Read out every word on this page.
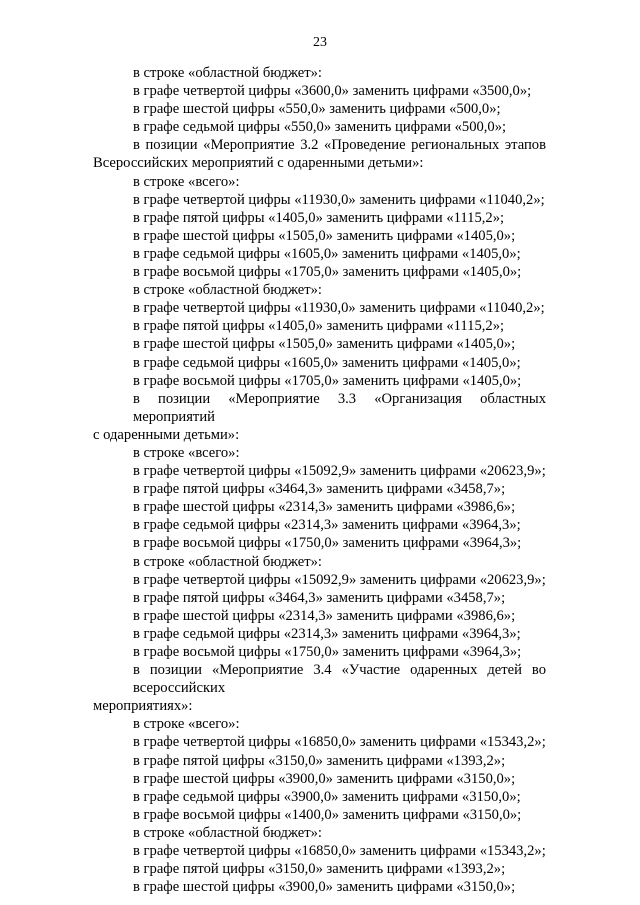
23
в строке «областной бюджет»:
в графе четвертой цифры «3600,0» заменить цифрами «3500,0»;
в графе шестой цифры «550,0» заменить цифрами «500,0»;
в графе седьмой цифры «550,0» заменить цифрами «500,0»;
в позиции «Мероприятие 3.2 «Проведение региональных этапов
Всероссийских мероприятий с одаренными детьми»:
в строке «всего»:
в графе четвертой цифры «11930,0» заменить цифрами «11040,2»;
в графе пятой цифры «1405,0» заменить цифрами «1115,2»;
в графе шестой цифры «1505,0» заменить цифрами «1405,0»;
в графе седьмой цифры «1605,0» заменить цифрами «1405,0»;
в графе восьмой цифры «1705,0» заменить цифрами «1405,0»;
в строке «областной бюджет»:
в графе четвертой цифры «11930,0» заменить цифрами «11040,2»;
в графе пятой цифры «1405,0» заменить цифрами «1115,2»;
в графе шестой цифры «1505,0» заменить цифрами «1405,0»;
в графе седьмой цифры «1605,0» заменить цифрами «1405,0»;
в графе восьмой цифры «1705,0» заменить цифрами «1405,0»;
в позиции «Мероприятие 3.3 «Организация областных мероприятий
с одаренными детьми»:
в строке «всего»:
в графе четвертой цифры «15092,9» заменить цифрами «20623,9»;
в графе пятой цифры «3464,3» заменить цифрами «3458,7»;
в графе шестой цифры «2314,3» заменить цифрами «3986,6»;
в графе седьмой цифры «2314,3» заменить цифрами «3964,3»;
в графе восьмой цифры «1750,0» заменить цифрами «3964,3»;
в строке «областной бюджет»:
в графе четвертой цифры «15092,9» заменить цифрами «20623,9»;
в графе пятой цифры «3464,3» заменить цифрами «3458,7»;
в графе шестой цифры «2314,3» заменить цифрами «3986,6»;
в графе седьмой цифры «2314,3» заменить цифрами «3964,3»;
в графе восьмой цифры «1750,0» заменить цифрами «3964,3»;
в позиции «Мероприятие 3.4 «Участие одаренных детей во всероссийских
мероприятиях»:
в строке «всего»:
в графе четвертой цифры «16850,0» заменить цифрами «15343,2»;
в графе пятой цифры «3150,0» заменить цифрами «1393,2»;
в графе шестой цифры «3900,0» заменить цифрами «3150,0»;
в графе седьмой цифры «3900,0» заменить цифрами «3150,0»;
в графе восьмой цифры «1400,0» заменить цифрами «3150,0»;
в строке «областной бюджет»:
в графе четвертой цифры «16850,0» заменить цифрами «15343,2»;
в графе пятой цифры «3150,0» заменить цифрами «1393,2»;
в графе шестой цифры «3900,0» заменить цифрами «3150,0»;
